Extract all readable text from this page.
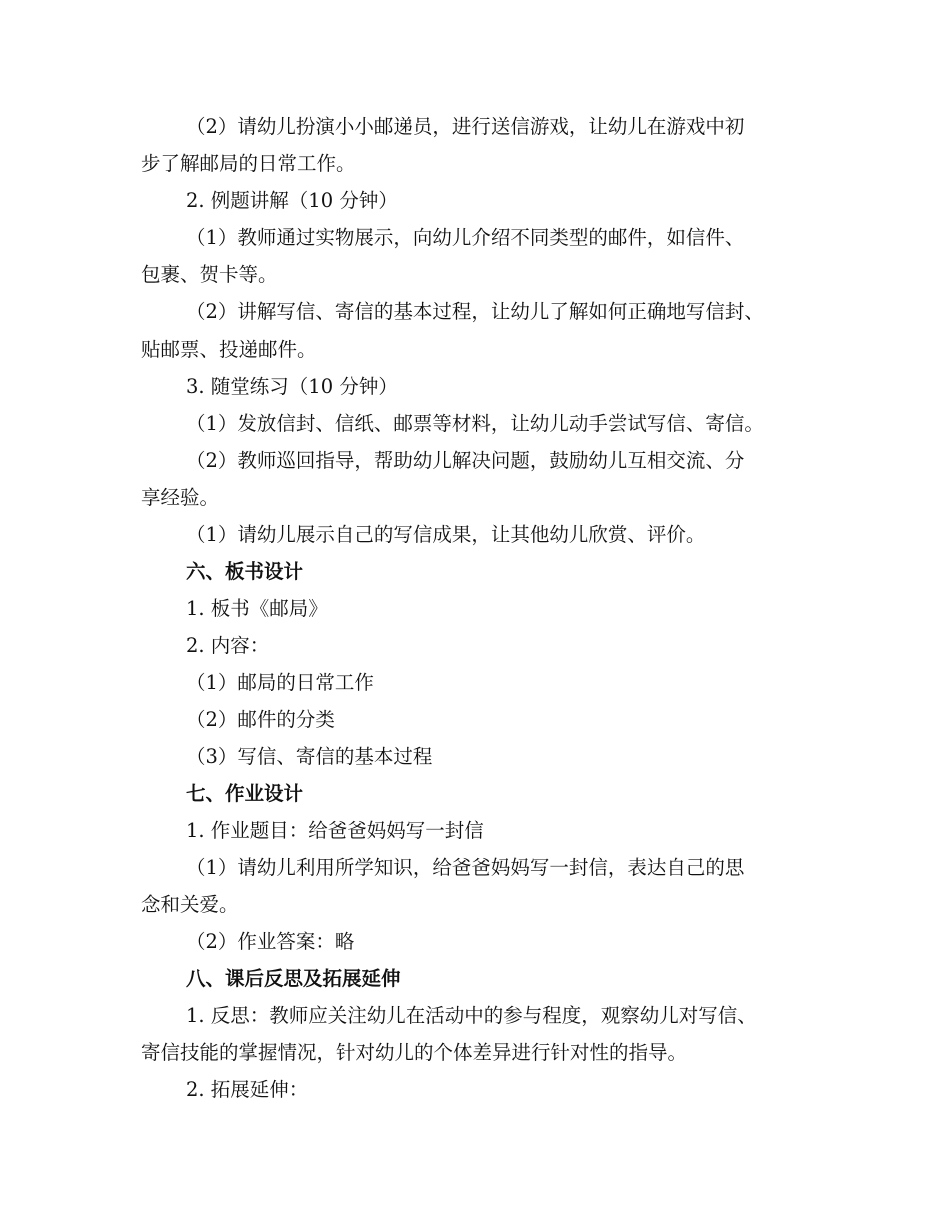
（2）请幼儿扮演小小邮递员，进行送信游戏，让幼儿在游戏中初
步了解邮局的日常工作。
2. 例题讲解（10 分钟）
（1）教师通过实物展示，向幼儿介绍不同类型的邮件，如信件、
包裹、贺卡等。
（2）讲解写信、寄信的基本过程，让幼儿了解如何正确地写信封、
贴邮票、投递邮件。
3. 随堂练习（10 分钟）
（1）发放信封、信纸、邮票等材料，让幼儿动手尝试写信、寄信。
（2）教师巡回指导，帮助幼儿解决问题，鼓励幼儿互相交流、分
享经验。
（1）请幼儿展示自己的写信成果，让其他幼儿欣赏、评价。
六、板书设计
1. 板书《邮局》
2. 内容：
（1）邮局的日常工作
（2）邮件的分类
（3）写信、寄信的基本过程
七、作业设计
1. 作业题目：给爸爸妈妈写一封信
（1）请幼儿利用所学知识，给爸爸妈妈写一封信，表达自己的思
念和关爱。
（2）作业答案：略
八、课后反思及拓展延伸
1. 反思：教师应关注幼儿在活动中的参与程度，观察幼儿对写信、
寄信技能的掌握情况，针对幼儿的个体差异进行针对性的指导。
2. 拓展延伸：
